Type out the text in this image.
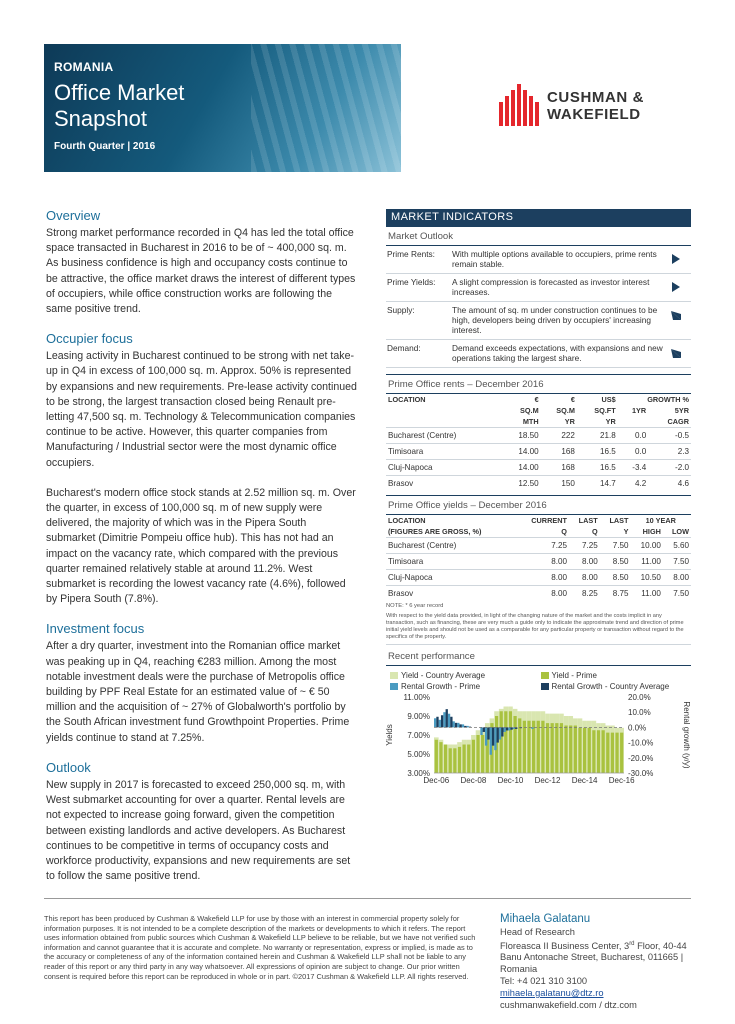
ROMANIA
Office Market
Snapshot
Fourth Quarter | 2016
CUSHMAN &
WAKEFIELD
Overview
Strong market performance recorded in Q4 has led the total office space transacted in Bucharest in 2016 to be of ~ 400,000 sq. m. As business confidence is high and occupancy costs continue to be attractive, the office market draws the interest of different types of occupiers, while office construction works are following the same positive trend.
Occupier focus
Leasing activity in Bucharest continued to be strong with net take-up in Q4 in excess of 100,000 sq. m. Approx. 50% is represented by expansions and new requirements. Pre-lease activity continued to be strong, the largest transaction closed being Renault pre-letting 47,500 sq. m. Technology & Telecommunication companies continue to be active. However, this quarter companies from Manufacturing / Industrial sector were the most dynamic office occupiers.
Bucharest's modern office stock stands at 2.52 million sq. m. Over the quarter, in excess of 100,000 sq. m of new supply were delivered, the majority of which was in the Pipera South submarket (Dimitrie Pompeiu office hub). This has not had an impact on the vacancy rate, which compared with the previous quarter remained relatively stable at around 11.2%. West submarket is recording the lowest vacancy rate (4.6%), followed by Pipera South (7.8%).
Investment focus
After a dry quarter, investment into the Romanian office market was peaking up in Q4, reaching €283 million. Among the most notable investment deals were the purchase of Metropolis office building by PPF Real Estate for an estimated value of ~ € 50 million and the acquisition of ~ 27% of Globalworth's portfolio by the South African investment fund Growthpoint Properties. Prime yields continue to stand at 7.25%.
Outlook
New supply in 2017 is forecasted to exceed 250,000 sq. m, with West submarket accounting for over a quarter. Rental levels are not expected to increase going forward, given the competition between existing landlords and active developers. As Bucharest continues to be competitive in terms of occupancy costs and workforce productivity, expansions and new requirements are set to follow the same positive trend.
MARKET INDICATORS
Market Outlook
Prime Rents:	With multiple options available to occupiers, prime rents remain stable.
Prime Yields:	A slight compression is forecasted as investor interest increases.
Supply:	The amount of sq. m under construction continues to be high, developers being driven by occupiers' increasing interest.
Demand:	Demand exceeds expectations, with expansions and new operations taking the largest share.
Prime Office rents – December 2016
LOCATION	€	€	US$	GROWTH %	
	SQ.M	SQ.M	SQ.FT	1YR	5YR
	MTH	YR	YR		CAGR
Bucharest (Centre)	18.50	222	21.8	0.0	-0.5
Timisoara	14.00	168	16.5	0.0	2.3
Cluj-Napoca	14.00	168	16.5	-3.4	-2.0
Brasov	12.50	150	14.7	4.2	4.6
Prime Office yields – December 2016
LOCATION	CURRENT	LAST	LAST	10 YEAR	
(FIGURES ARE GROSS, %)	Q	Q	Y	HIGH	LOW
Bucharest (Centre)	7.25	7.25	7.50	10.00	5.60
Timisoara	8.00	8.00	8.50	11.00	7.50
Cluj-Napoca	8.00	8.00	8.50	10.50	8.00
Brasov	8.00	8.25	8.75	11.00	7.50
NOTE: * 6 year record
With respect to the yield data provided, in light of the changing nature of the market and the costs implicit in any transaction, such as financing, these are very much a guide only to indicate the approximate trend and direction of prime initial yield levels and should not be used as a comparable for any particular property or transaction without regard to the specifics of the property.
Recent performance
Yield - Country Average	Yield - Prime
Rental Growth - Prime	Rental Growth - Country Average
3.00%
5.00%
7.00%
9.00%
11.00%
-30.0%
-20.0%
-10.0%
0.0%
10.0%
20.0%
Dec-06 Dec-08 Dec-10 Dec-12 Dec-14 Dec-16
Yields	Rental growth (y/y)
This report has been produced by Cushman & Wakefield LLP for use by those with an interest in commercial property solely for information purposes. It is not intended to be a complete description of the markets or developments to which it refers. The report uses information obtained from public sources which Cushman & Wakefield LLP believe to be reliable, but we have not verified such information and cannot guarantee that it is accurate and complete. No warranty or representation, express or implied, is made as to the accuracy or completeness of any of the information contained herein and Cushman & Wakefield LLP shall not be liable to any reader of this report or any third party in any way whatsoever. All expressions of opinion are subject to change. Our prior written consent is required before this report can be reproduced in whole or in part. ©2017 Cushman & Wakefield LLP. All rights reserved.
Mihaela Galatanu
Head of Research
Floreasca II Business Center, 3rd Floor, 40-44
Banu Antonache Street, Bucharest, 011665 |
Romania
Tel: +4 021 310 3100
mihaela.galatanu@dtz.ro
cushmanwakefield.com / dtz.com
